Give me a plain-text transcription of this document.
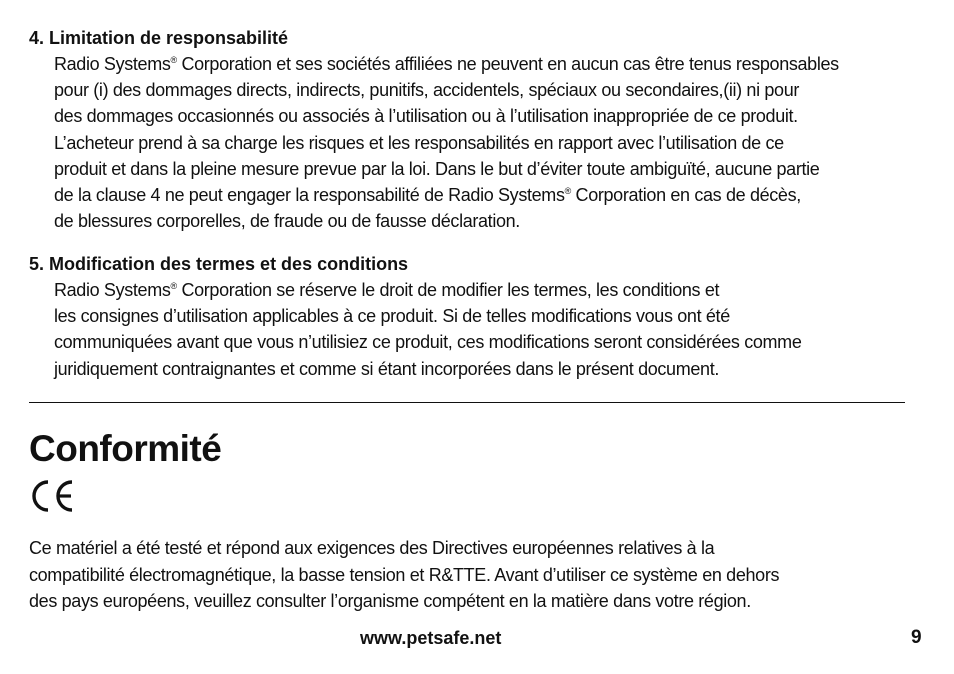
4. Limitation de responsabilité
Radio Systems® Corporation et ses sociétés affiliées ne peuvent en aucun cas être tenus responsables
pour (i) des dommages directs, indirects, punitifs, accidentels, spéciaux ou secondaires,(ii) ni pour
des dommages occasionnés ou associés à l’utilisation ou à l’utilisation inappropriée de ce produit.
L’acheteur prend à sa charge les risques et les responsabilités en rapport avec l’utilisation de ce
produit et dans la pleine mesure prevue par la loi. Dans le but d’éviter toute ambiguïté, aucune partie
de la clause 4 ne peut engager la responsabilité de Radio Systems® Corporation en cas de décès,
de blessures corporelles, de fraude ou de fausse déclaration.
5. Modification des termes et des conditions
Radio Systems® Corporation se réserve le droit de modifier les termes, les conditions et
les consignes d’utilisation applicables à ce produit. Si de telles modifications vous ont été
communiquées avant que vous n’utilisiez ce produit, ces modifications seront considérées comme
juridiquement contraignantes et comme si étant incorporées dans le présent document.
Conformité
Ce matériel a été testé et répond aux exigences des Directives européennes relatives à la
compatibilité électromagnétique, la basse tension et R&TTE. Avant d’utiliser ce système en dehors
des pays européens, veuillez consulter l’organisme compétent en la matière dans votre région.
www.petsafe.net	9
